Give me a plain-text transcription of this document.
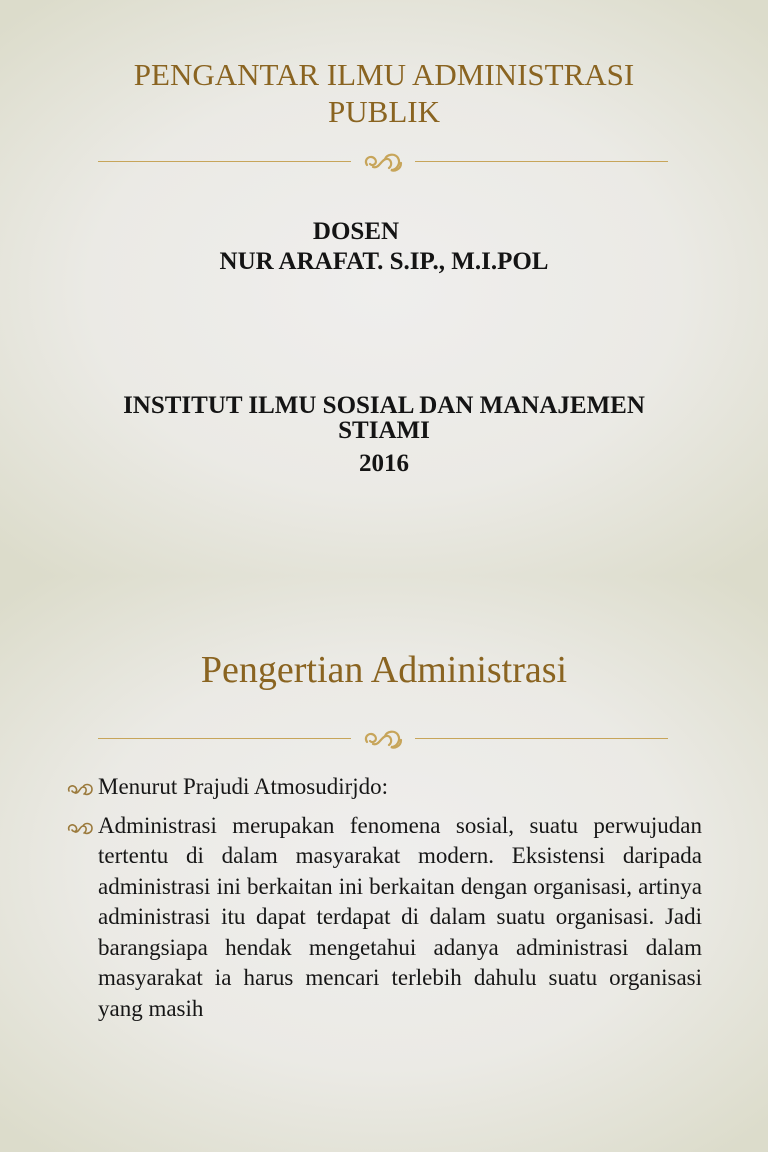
PENGANTAR ILMU ADMINISTRASI
PUBLIK
DOSEN
NUR ARAFAT. S.IP., M.I.POL
INSTITUT ILMU SOSIAL DAN MANAJEMEN
STIAMI
2016
Pengertian Administrasi
Menurut Prajudi Atmosudirjdo:
Administrasi merupakan fenomena sosial, suatu perwujudan tertentu di dalam masyarakat modern. Eksistensi daripada administrasi ini berkaitan ini berkaitan dengan organisasi, artinya administrasi itu dapat terdapat di dalam suatu organisasi. Jadi barangsiapa hendak mengetahui adanya administrasi dalam masyarakat ia harus mencari terlebih dahulu suatu organisasi yang masih
